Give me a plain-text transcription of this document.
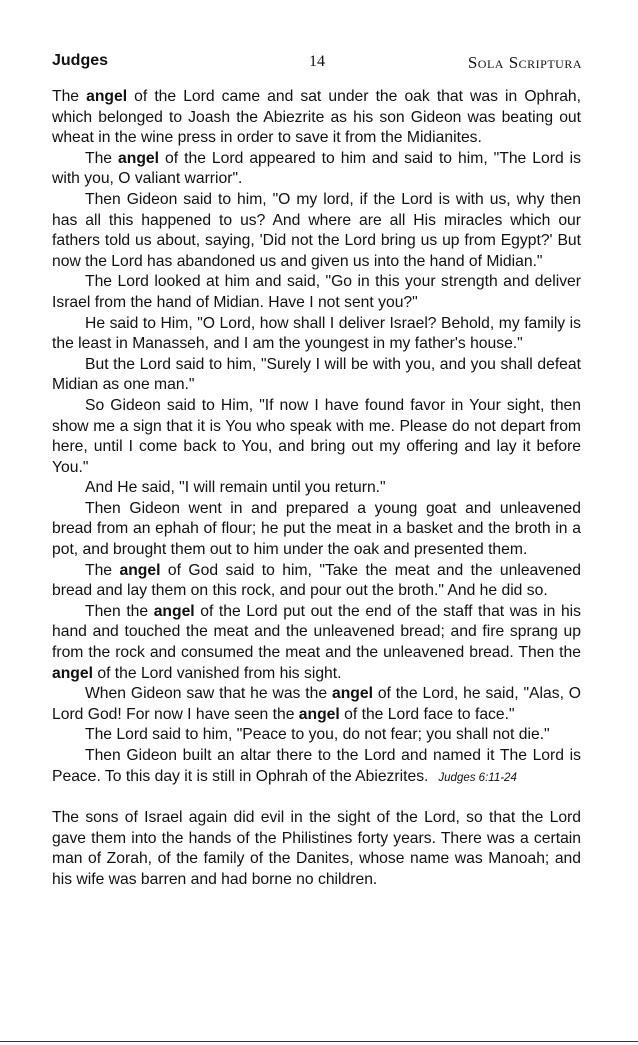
Judges	14	Sola Scriptura

The angel of the Lord came and sat under the oak that was in Ophrah, which belonged to Joash the Abiezrite as his son Gideon was beating out wheat in the wine press in order to save it from the Midianites.

The angel of the Lord appeared to him and said to him, "The Lord is with you, O valiant warrior".

Then Gideon said to him, "O my lord, if the Lord is with us, why then has all this happened to us? And where are all His miracles which our fathers told us about, saying, 'Did not the Lord bring us up from Egypt?' But now the Lord has abandoned us and given us into the hand of Midian."

The Lord looked at him and said, "Go in this your strength and deliver Israel from the hand of Midian. Have I not sent you?"

He said to Him, "O Lord, how shall I deliver Israel? Behold, my family is the least in Manasseh, and I am the youngest in my father's house."

But the Lord said to him, "Surely I will be with you, and you shall defeat Midian as one man."

So Gideon said to Him, "If now I have found favor in Your sight, then show me a sign that it is You who speak with me. Please do not depart from here, until I come back to You, and bring out my offering and lay it before You."

And He said, "I will remain until you return."

Then Gideon went in and prepared a young goat and unleavened bread from an ephah of flour; he put the meat in a basket and the broth in a pot, and brought them out to him under the oak and presented them.

The angel of God said to him, "Take the meat and the unleavened bread and lay them on this rock, and pour out the broth." And he did so.

Then the angel of the Lord put out the end of the staff that was in his hand and touched the meat and the unleavened bread; and fire sprang up from the rock and consumed the meat and the unleavened bread. Then the angel of the Lord vanished from his sight.

When Gideon saw that he was the angel of the Lord, he said, "Alas, O Lord God! For now I have seen the angel of the Lord face to face."

The Lord said to him, "Peace to you, do not fear; you shall not die."

Then Gideon built an altar there to the Lord and named it The Lord is Peace. To this day it is still in Ophrah of the Abiezrites. Judges 6:11-24

The sons of Israel again did evil in the sight of the Lord, so that the Lord gave them into the hands of the Philistines forty years. There was a certain man of Zorah, of the family of the Danites, whose name was Manoah; and his wife was barren and had borne no children.
